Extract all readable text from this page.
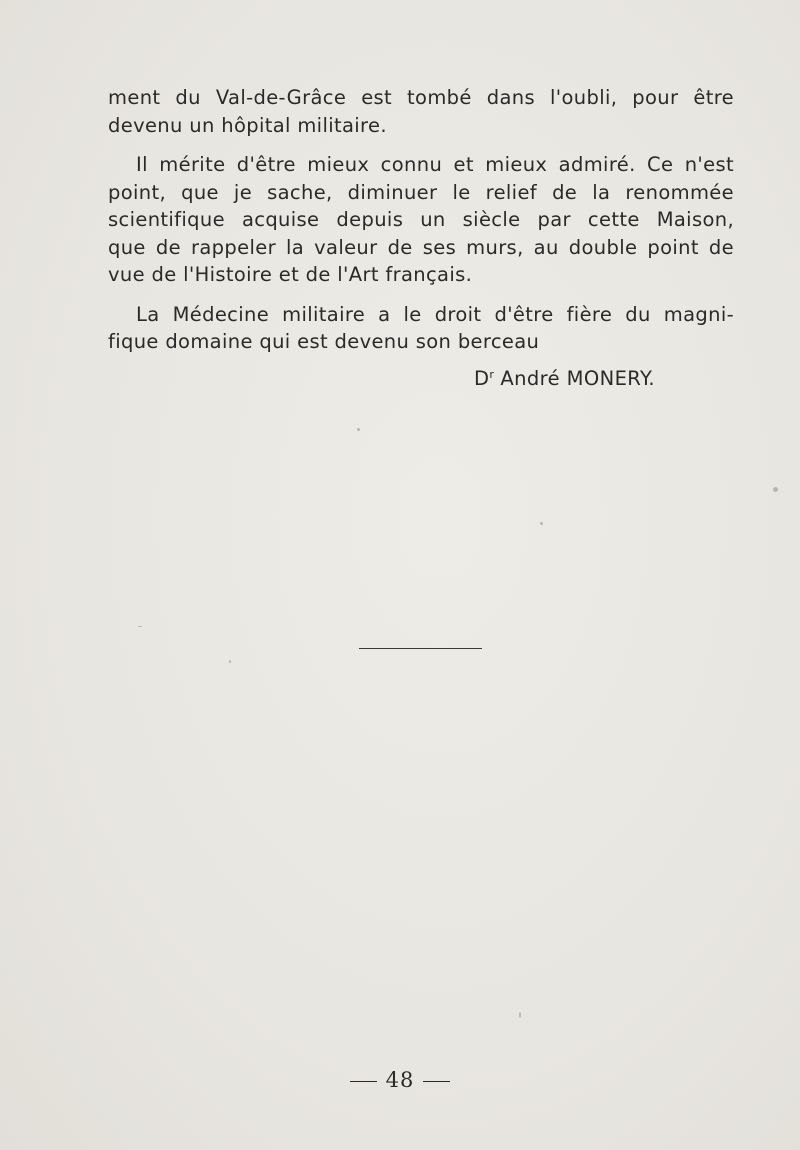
ment du Val-de-Grâce est tombé dans l'oubli, pour être
devenu un hôpital militaire.
Il mérite d'être mieux connu et mieux admiré. Ce n'est
point, que je sache, diminuer le relief de la renommée
scientifique acquise depuis un siècle par cette Maison,
que de rappeler la valeur de ses murs, au double point de
vue de l'Histoire et de l'Art français.
La Médecine militaire a le droit d'être fière du magni-
fique domaine qui est devenu son berceau
$D^r$ André MONERY.
48
